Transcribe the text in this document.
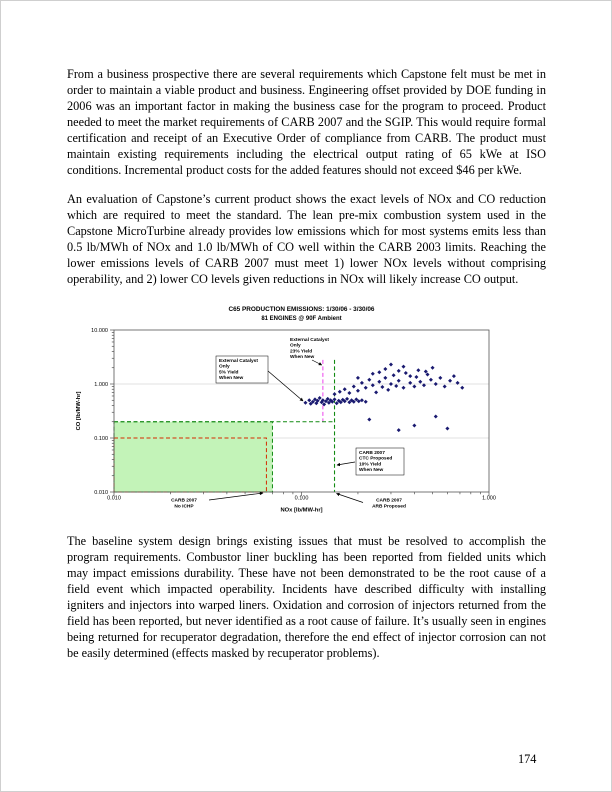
From a business prospective there are several requirements which Capstone felt must be met in order to maintain a viable product and business. Engineering offset provided by DOE funding in 2006 was an important factor in making the business case for the program to proceed. Product needed to meet the market requirements of CARB 2007 and the SGIP. This would require formal certification and receipt of an Executive Order of compliance from CARB. The product must maintain existing requirements including the electrical output rating of 65 kWe at ISO conditions. Incremental product costs for the added features should not exceed $46 per kWe.

An evaluation of Capstone’s current product shows the exact levels of NOx and CO reduction which are required to meet the standard. The lean pre-mix combustion system used in the Capstone MicroTurbine already provides low emissions which for most systems emits less than 0.5 lb/MWh of NOx and 1.0 lb/MWh of CO well within the CARB 2003 limits. Reaching the lower emissions levels of CARB 2007 must meet 1) lower NOx levels without comprising operability, and 2) lower CO levels given reductions in NOx will likely increase CO output.

C65 PRODUCTION EMISSIONS: 1/30/06 - 3/30/06
81 ENGINES @ 90F Ambient
0.010	0.100	1.000
10.000
1.000
0.100
0.010
NOx [lb/MW-hr]
CO [lb/MW-hr]
External Catalyst
Only
5% Yield
When New
External Catalyst
Only
23% Yield
When New
CARB 2007
CTC Proposed
10% Yield
When New
CARB 2007
No ICHP
CARB 2007
ARB Proposed

The baseline system design brings existing issues that must be resolved to accomplish the program requirements. Combustor liner buckling has been reported from fielded units which may impact emissions durability. These have not been demonstrated to be the root cause of a field event which impacted operability. Incidents have described difficulty with installing igniters and injectors into warped liners. Oxidation and corrosion of injectors returned from the field has been reported, but never identified as a root cause of failure. It’s usually seen in engines being returned for recuperator degradation, therefore the end effect of injector corrosion can not be easily determined (effects masked by recuperator problems).

174
